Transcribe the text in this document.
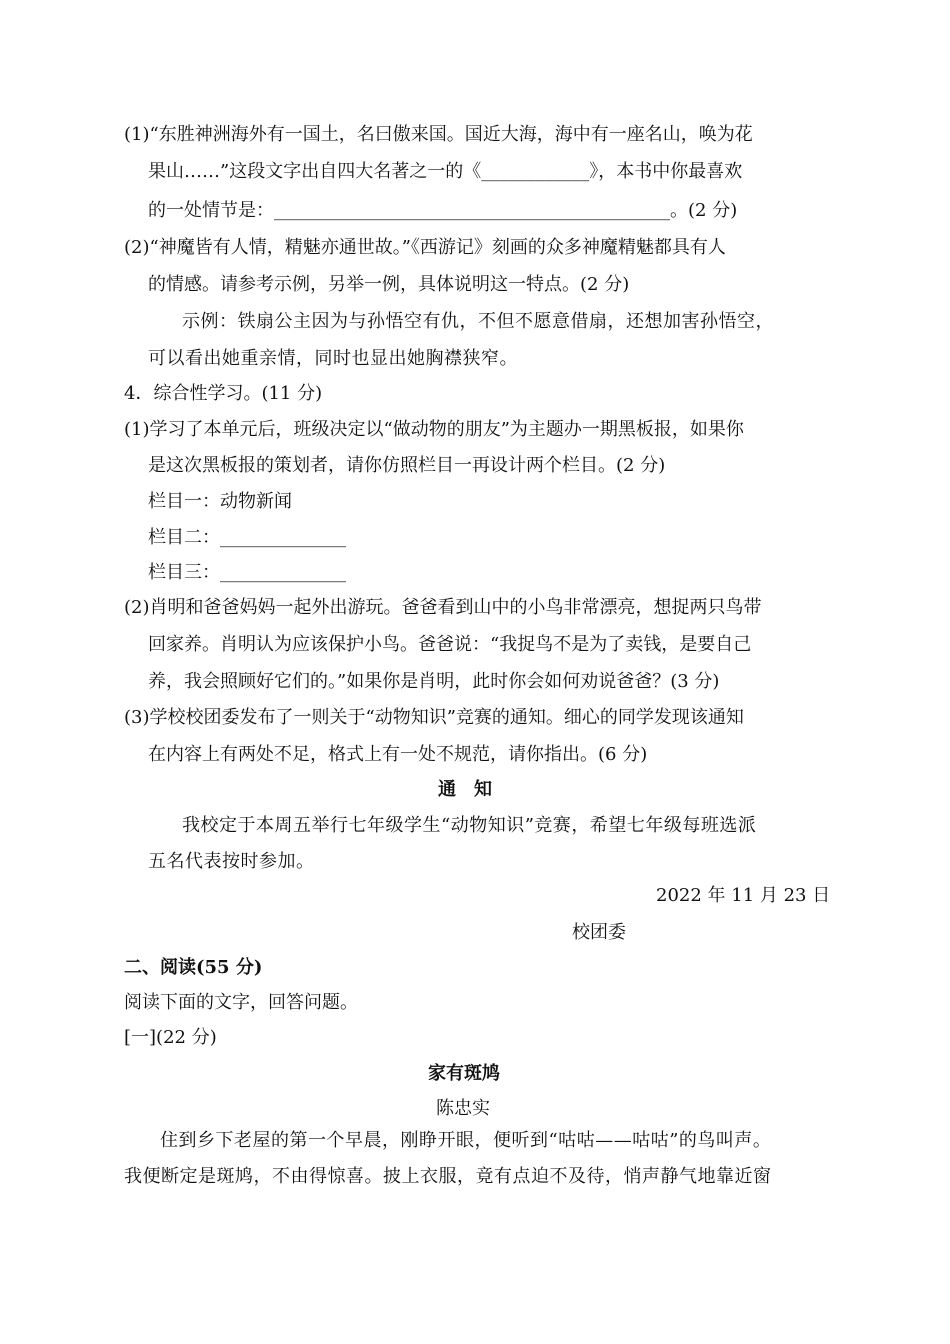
(1)“东胜神洲海外有一国土，名曰傲来国。国近大海，海中有一座名山，唤为花
果山……”这段文字出自四大名著之一的《____________》，本书中你最喜欢
的一处情节是：____________________________________________。(2 分)
(2)“神魔皆有人情，精魅亦通世故。”《西游记》刻画的众多神魔精魅都具有人
的情感。请参考示例，另举一例，具体说明这一特点。(2 分)
示例：铁扇公主因为与孙悟空有仇，不但不愿意借扇，还想加害孙悟空，
可以看出她重亲情，同时也显出她胸襟狭窄。
4．综合性学习。(11 分)
(1)学习了本单元后，班级决定以“做动物的朋友”为主题办一期黑板报，如果你
是这次黑板报的策划者，请你仿照栏目一再设计两个栏目。(2 分)
栏目一：动物新闻
栏目二：______________
栏目三：______________
(2)肖明和爸爸妈妈一起外出游玩。爸爸看到山中的小鸟非常漂亮，想捉两只鸟带
回家养。肖明认为应该保护小鸟。爸爸说：“我捉鸟不是为了卖钱，是要自己
养，我会照顾好它们的。”如果你是肖明，此时你会如何劝说爸爸？(3 分)
(3)学校校团委发布了一则关于“动物知识”竞赛的通知。细心的同学发现该通知
在内容上有两处不足，格式上有一处不规范，请你指出。(6 分)
通　知
我校定于本周五举行七年级学生“动物知识”竞赛，希望七年级每班选派
五名代表按时参加。
2022 年 11 月 23 日
校团委
二、阅读(55 分)
阅读下面的文字，回答问题。
[一](22 分)
家有斑鸠
陈忠实
住到乡下老屋的第一个早晨，刚睁开眼，便听到“咕咕——咕咕”的鸟叫声。
我便断定是斑鸠，不由得惊喜。披上衣服，竟有点迫不及待，悄声静气地靠近窗
